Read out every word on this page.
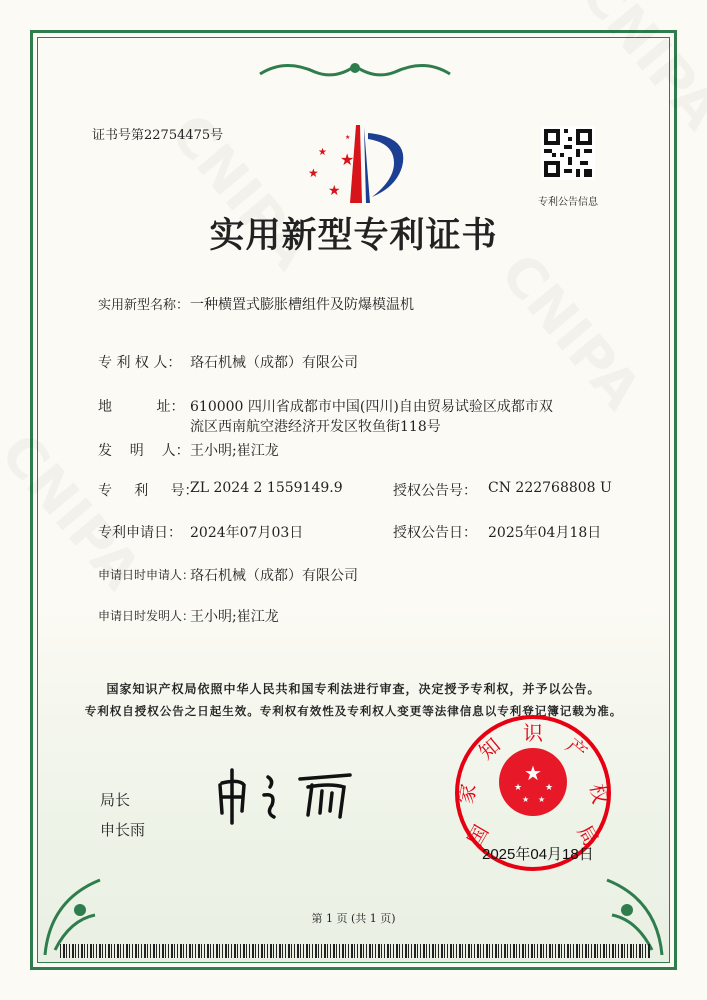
证书号第22754475号
★
★
★
★
★
专利公告信息
实用新型专利证书
实用新型名称： 一种横置式膨胀槽组件及防爆模温机
专 利 权 人： 珞石机械（成都）有限公司
地          址： 610000 四川省成都市中国(四川)自由贸易试验区成都市双
流区西南航空港经济开发区牧鱼街118号
发    明    人： 王小明;崔江龙
专     利     号：
ZL 2024 2 1559149.9	授权公告号： CN 222768808 U
专利申请日： 2024年07月03日	授权公告日： 2025年04月18日
申请日时申请人：
珞石机械（成都）有限公司
申请日时发明人：
王小明;崔江龙
国家知识产权局依照中华人民共和国专利法进行审查，决定授予专利权，并予以公告。
专利权自授权公告之日起生效。专利权有效性及专利权人变更等法律信息以专利登记簿记载为准。
局长
申长雨
★
★	★
★ ★
国
家
知
识
产
权
局
2025年04月18日
第 1 页 (共 1 页)
